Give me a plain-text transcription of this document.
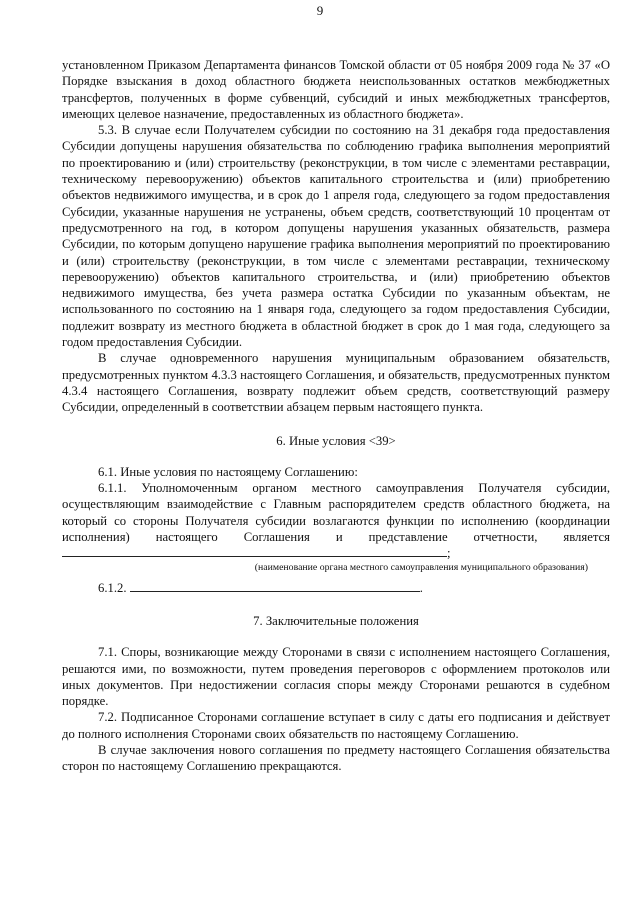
9

установленном Приказом Департамента финансов Томской области от 05 ноября 2009 года № 37 «О Порядке взыскания в доход областного бюджета неиспользованных остатков межбюджетных трансфертов, полученных в форме субвенций, субсидий и иных межбюджетных трансфертов, имеющих целевое назначение, предоставленных из областного бюджета».

5.3. В случае если Получателем субсидии по состоянию на 31 декабря года предоставления Субсидии допущены нарушения обязательства по соблюдению графика выполнения мероприятий по проектированию и (или) строительству (реконструкции, в том числе с элементами реставрации, техническому перевооружению) объектов капитального строительства и (или) приобретению объектов недвижимого имущества, и в срок до 1 апреля года, следующего за годом предоставления Субсидии, указанные нарушения не устранены, объем средств, соответствующий 10 процентам от предусмотренного на год, в котором допущены нарушения указанных обязательств, размера Субсидии, по которым допущено нарушение графика выполнения мероприятий по проектированию и (или) строительству (реконструкции, в том числе с элементами реставрации, техническому перевооружению) объектов капитального строительства, и (или) приобретению объектов недвижимого имущества, без учета размера остатка Субсидии по указанным объектам, не использованного по состоянию на 1 января года, следующего за годом предоставления Субсидии, подлежит возврату из местного бюджета в областной бюджет в срок до 1 мая года, следующего за годом предоставления Субсидии.

В случае одновременного нарушения муниципальным образованием обязательств, предусмотренных пунктом 4.3.3 настоящего Соглашения, и обязательств, предусмотренных пунктом 4.3.4 настоящего Соглашения, возврату подлежит объем средств, соответствующий размеру Субсидии, определенный в соответствии абзацем первым настоящего пункта.

6. Иные условия <39>

6.1. Иные условия по настоящему Соглашению:

6.1.1. Уполномоченным органом местного самоуправления Получателя субсидии, осуществляющим взаимодействие с Главным распорядителем средств областного бюджета, на который со стороны Получателя субсидии возлагаются функции по исполнению (координации исполнения) настоящего Соглашения и представление отчетности, является ;

(наименование органа местного самоуправления муниципального образования)

6.1.2.	.

7. Заключительные положения

7.1. Споры, возникающие между Сторонами в связи с исполнением настоящего Соглашения, решаются ими, по возможности, путем проведения переговоров с оформлением протоколов или иных документов. При недостижении согласия споры между Сторонами решаются в судебном порядке.

7.2. Подписанное Сторонами соглашение вступает в силу с даты его подписания и действует до полного исполнения Сторонами своих обязательств по настоящему Соглашению.

В случае заключения нового соглашения по предмету настоящего Соглашения обязательства сторон по настоящему Соглашению прекращаются.
